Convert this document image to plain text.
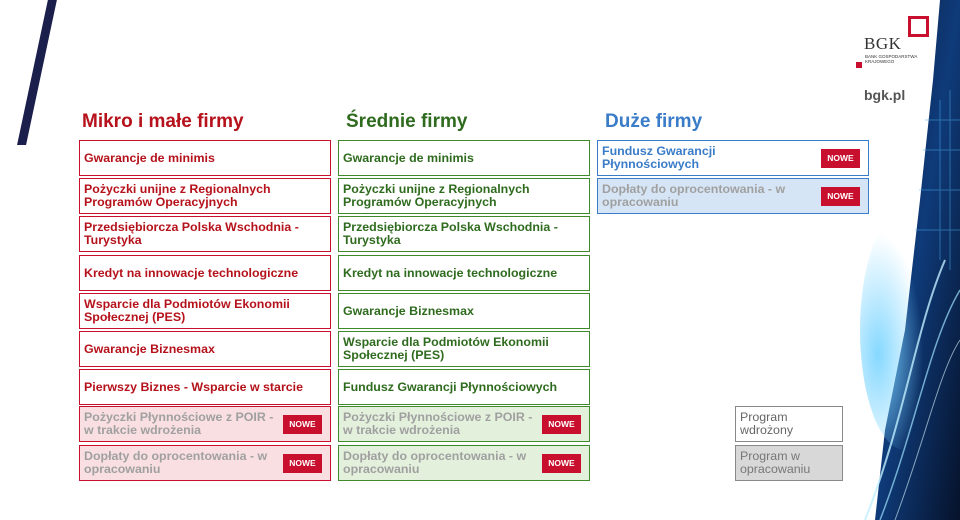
BGK
BANK GOSPODARSTWA KRAJOWEGO
bgk.pl
Mikro i małe firmy	Średnie firmy	Duże firmy
Gwarancje de minimis
Pożyczki unijne z Regionalnych Programów Operacyjnych
Przedsiębiorcza Polska Wschodnia - Turystyka
Kredyt na innowacje technologiczne
Wsparcie dla Podmiotów Ekonomii Społecznej (PES)
Gwarancje Biznesmax
Pierwszy Biznes - Wsparcie w starcie
Pożyczki Płynnościowe z POIR - w trakcie wdrożenia	NOWE
Dopłaty do oprocentowania - w opracowaniu	NOWE
Gwarancje de minimis
Pożyczki unijne z Regionalnych Programów Operacyjnych
Przedsiębiorcza Polska Wschodnia - Turystyka
Kredyt na innowacje technologiczne
Gwarancje Biznesmax
Wsparcie dla Podmiotów Ekonomii Społecznej (PES)
Fundusz Gwarancji Płynnościowych
Pożyczki Płynnościowe z POIR - w trakcie wdrożenia	NOWE
Dopłaty do oprocentowania - w opracowaniu	NOWE
Fundusz Gwarancji Płynnościowych	NOWE
Dopłaty do oprocentowania - w opracowaniu	NOWE
Program wdrożony
Program w opracowaniu
